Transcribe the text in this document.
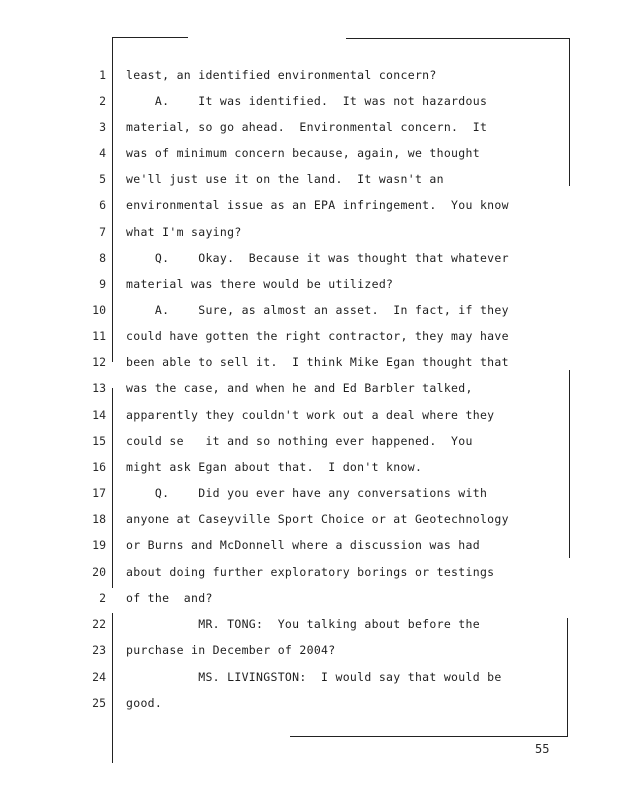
1 least, an identified environmental concern?
2 A.    It was identified.  It was not hazardous
3 material, so go ahead.  Environmental concern.  It
4 was of minimum concern because, again, we thought
5 we'll just use it on the land.  It wasn't an
6 environmental issue as an EPA infringement.  You know
7 what I'm saying?
8 Q.    Okay.  Because it was thought that whatever
9 material was there would be utilized?
10 A.    Sure, as almost an asset.  In fact, if they
11 could have gotten the right contractor, they may have
12 been able to sell it.  I think Mike Egan thought that
13 was the case, and when he and Ed Barbler talked,
14 apparently they couldn't work out a deal where they
15 could se   it and so nothing ever happened.  You
16 might ask Egan about that.  I don't know.
17 Q.    Did you ever have any conversations with
18 anyone at Caseyville Sport Choice or at Geotechnology
19 or Burns and McDonnell where a discussion was had
20 about doing further exploratory borings or testings
2 of the  and?
22 MR. TONG:  You talking about before the
23 purchase in December of 2004?
24 MS. LIVINGSTON:  I would say that would be
25 good.
55
